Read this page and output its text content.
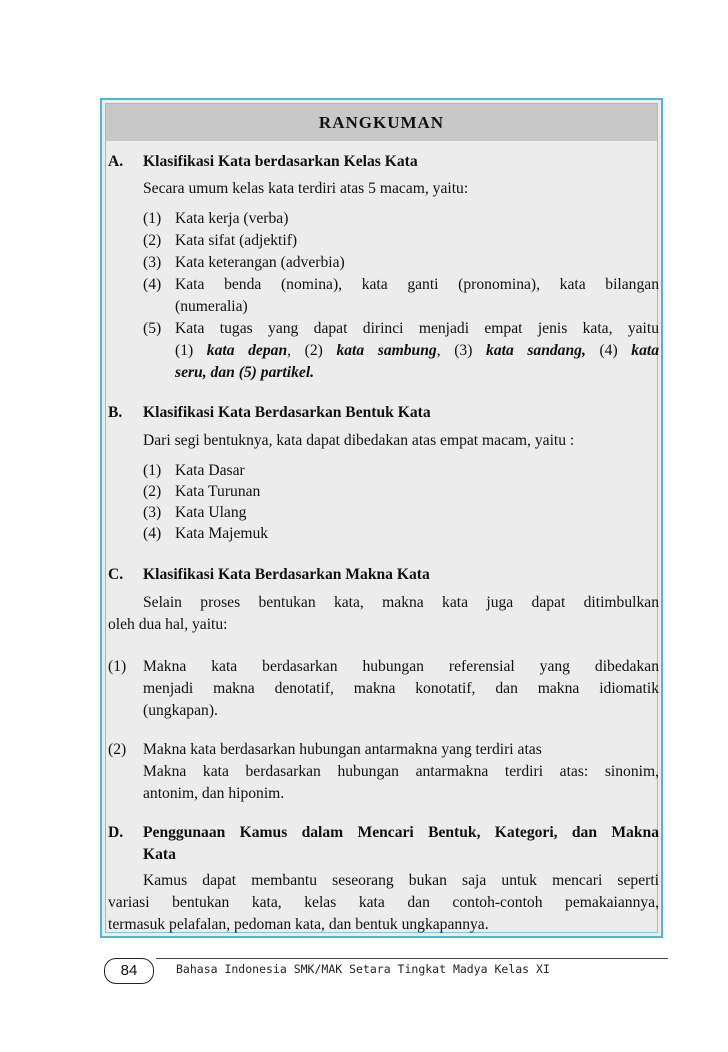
RANGKUMAN
A. Klasifikasi Kata berdasarkan Kelas Kata
Secara umum kelas kata terdiri atas 5 macam, yaitu:
(1) Kata kerja (verba)
(2) Kata sifat (adjektif)
(3) Kata keterangan (adverbia)
(4) Kata benda (nomina), kata ganti (pronomina), kata bilangan
(numeralia)
(5) Kata tugas yang dapat dirinci menjadi empat jenis kata, yaitu
(1) kata depan, (2) kata sambung, (3) kata sandang, (4) kata
seru, dan (5) partikel.
B. Klasifikasi Kata Berdasarkan Bentuk Kata
Dari segi bentuknya, kata dapat dibedakan atas empat macam, yaitu :
(1) Kata Dasar
(2) Kata Turunan
(3) Kata Ulang
(4) Kata Majemuk
C. Klasifikasi Kata Berdasarkan Makna Kata
Selain proses bentukan kata, makna kata juga dapat ditimbulkan
oleh dua hal, yaitu:
(1) Makna kata berdasarkan hubungan referensial yang dibedakan
menjadi makna denotatif, makna konotatif, dan makna idiomatik
(ungkapan).
(2) Makna kata berdasarkan hubungan antarmakna yang terdiri atas
Makna kata berdasarkan hubungan antarmakna terdiri atas: sinonim,
antonim, dan hiponim.
D. Penggunaan Kamus dalam Mencari Bentuk, Kategori, dan Makna
Kata
Kamus dapat membantu seseorang bukan saja untuk mencari seperti
variasi bentukan kata, kelas kata dan contoh-contoh pemakaiannya,
termasuk pelafalan, pedoman kata, dan bentuk ungkapannya.
84	Bahasa Indonesia SMK/MAK Setara Tingkat Madya Kelas XI
